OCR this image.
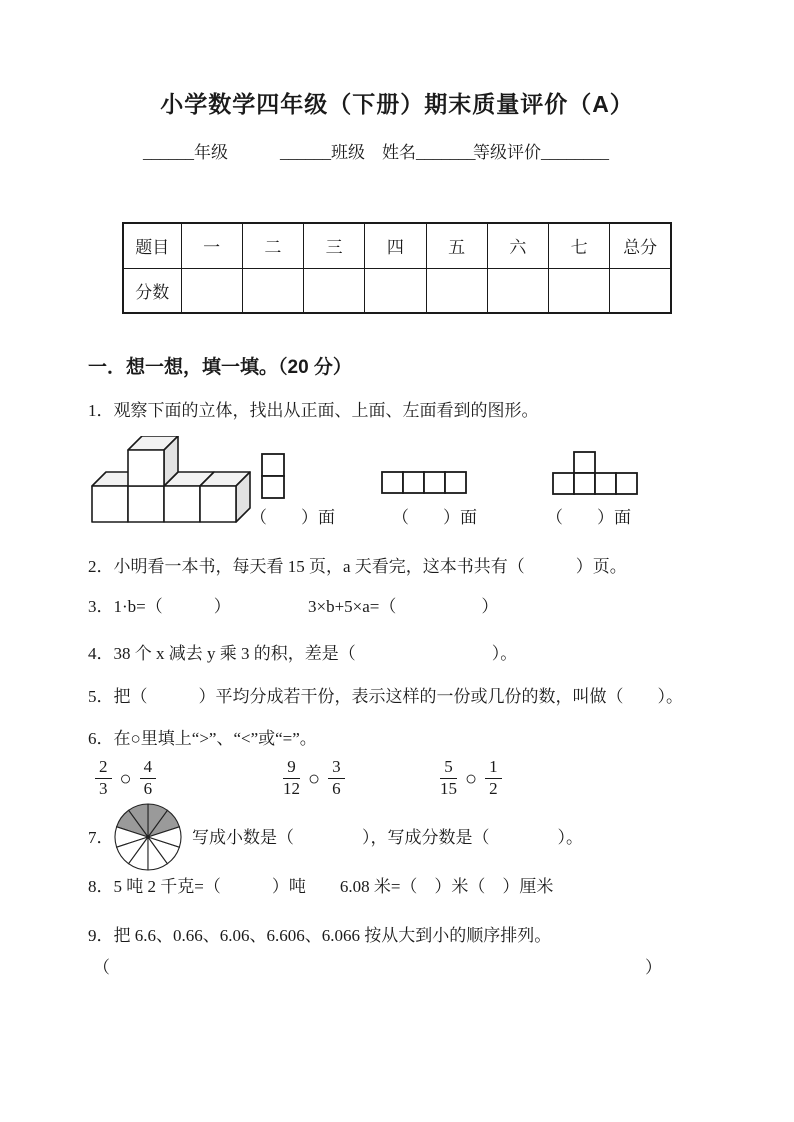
小学数学四年级（下册）期末质量评价（A）
______年级	______班级　姓名_______
等级评价________
题目	一	二	三	四	五	六	七	总分
分数								
一．想一想，填一填。（20 分）
1．观察下面的立体，找出从正面、上面、左面看到的图形。
（　　）面	（　　）面	（　　）面
2．小明看一本书，每天看 15 页，a 天看完，这本书共有（　　　）页。
3．1·b=（　　　）	3×b+5×a=（　　　　　）
4．38 个 x 减去 y 乘 3 的积，差是（　　　　　　　　）。
5．把（　　　）平均分成若干份，表示这样的一份或几份的数，叫做（　　）。
6．在○里填上“>”、“<”或“=”。
$\frac{2}{3}$ ○ $\frac{4}{6}$	$\frac{9}{12}$ ○ $\frac{3}{6}$	$\frac{5}{15}$ ○ $\frac{1}{2}$
7．	写成小数是（　　　　），写成分数是（　　　　）。
8．5 吨 2 千克=（　　　）吨　　6.08 米=（　）米（　）厘米
9．把 6.6、0.66、6.06、6.606、6.066 按从大到小的顺序排列。
（	）
